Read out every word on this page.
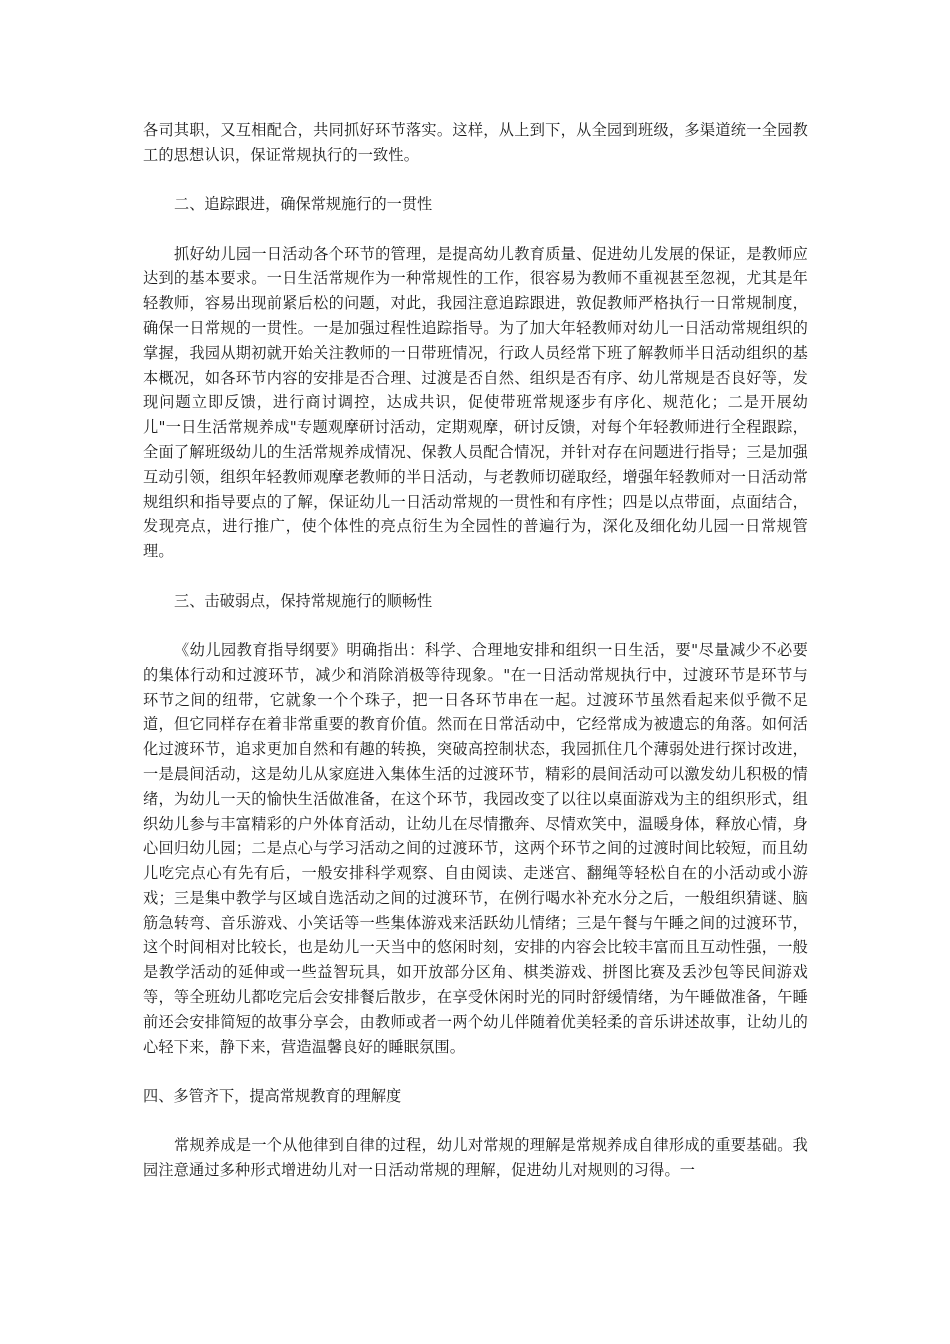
各司其职，又互相配合，共同抓好环节落实。这样，从上到下，从全园到班级，多渠道统一全园教工的思想认识，保证常规执行的一致性。

二、追踪跟进，确保常规施行的一贯性

抓好幼儿园一日活动各个环节的管理，是提高幼儿教育质量、促进幼儿发展的保证，是教师应达到的基本要求。一日生活常规作为一种常规性的工作，很容易为教师不重视甚至忽视，尤其是年轻教师，容易出现前紧后松的问题，对此，我园注意追踪跟进，敦促教师严格执行一日常规制度，确保一日常规的一贯性。一是加强过程性追踪指导。为了加大年轻教师对幼儿一日活动常规组织的掌握，我园从期初就开始关注教师的一日带班情况，行政人员经常下班了解教师半日活动组织的基本概况，如各环节内容的安排是否合理、过渡是否自然、组织是否有序、幼儿常规是否良好等，发现问题立即反馈，进行商讨调控，达成共识，促使带班常规逐步有序化、规范化；二是开展幼儿"一日生活常规养成"专题观摩研讨活动，定期观摩，研讨反馈，对每个年轻教师进行全程跟踪，全面了解班级幼儿的生活常规养成情况、保教人员配合情况，并针对存在问题进行指导；三是加强互动引领，组织年轻教师观摩老教师的半日活动，与老教师切磋取经，增强年轻教师对一日活动常规组织和指导要点的了解，保证幼儿一日活动常规的一贯性和有序性；四是以点带面，点面结合，发现亮点，进行推广，使个体性的亮点衍生为全园性的普遍行为，深化及细化幼儿园一日常规管理。

三、击破弱点，保持常规施行的顺畅性

《幼儿园教育指导纲要》明确指出：科学、合理地安排和组织一日生活，要"尽量减少不必要的集体行动和过渡环节，减少和消除消极等待现象。"在一日活动常规执行中，过渡环节是环节与环节之间的纽带，它就象一个个珠子，把一日各环节串在一起。过渡环节虽然看起来似乎微不足道，但它同样存在着非常重要的教育价值。然而在日常活动中，它经常成为被遗忘的角落。如何活化过渡环节，追求更加自然和有趣的转换，突破高控制状态，我园抓住几个薄弱处进行探讨改进，一是晨间活动，这是幼儿从家庭进入集体生活的过渡环节，精彩的晨间活动可以激发幼儿积极的情绪，为幼儿一天的愉快生活做准备，在这个环节，我园改变了以往以桌面游戏为主的组织形式，组织幼儿参与丰富精彩的户外体育活动，让幼儿在尽情撒奔、尽情欢笑中，温暖身体，释放心情，身心回归幼儿园；二是点心与学习活动之间的过渡环节，这两个环节之间的过渡时间比较短，而且幼儿吃完点心有先有后，一般安排科学观察、自由阅读、走迷宫、翻绳等轻松自在的小活动或小游戏；三是集中教学与区域自选活动之间的过渡环节，在例行喝水补充水分之后，一般组织猜谜、脑筋急转弯、音乐游戏、小笑话等一些集体游戏来活跃幼儿情绪；三是午餐与午睡之间的过渡环节，这个时间相对比较长，也是幼儿一天当中的悠闲时刻，安排的内容会比较丰富而且互动性强，一般是教学活动的延伸或一些益智玩具，如开放部分区角、棋类游戏、拼图比赛及丢沙包等民间游戏等，等全班幼儿都吃完后会安排餐后散步，在享受休闲时光的同时舒缓情绪，为午睡做准备，午睡前还会安排简短的故事分享会，由教师或者一两个幼儿伴随着优美轻柔的音乐讲述故事，让幼儿的心轻下来，静下来，营造温馨良好的睡眠氛围。

四、多管齐下，提高常规教育的理解度

常规养成是一个从他律到自律的过程，幼儿对常规的理解是常规养成自律形成的重要基础。我园注意通过多种形式增进幼儿对一日活动常规的理解，促进幼儿对规则的习得。一
